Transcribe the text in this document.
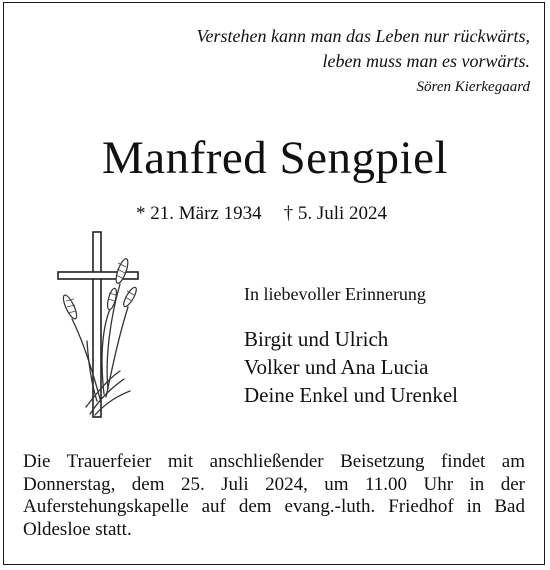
Verstehen kann man das Leben nur rückwärts,
leben muss man es vorwärts.
Sören Kierkegaard
Manfred Sengpiel
* 21. März 1934 † 5. Juli 2024
In liebevoller Erinnerung
Birgit und Ulrich
Volker und Ana Lucia
Deine Enkel und Urenkel
Die Trauerfeier mit anschließender Beisetzung findet am Donnerstag, dem 25. Juli 2024, um 11.00 Uhr in der Auferstehungskapelle auf dem evang.-luth. Friedhof in Bad Oldesloe statt.
